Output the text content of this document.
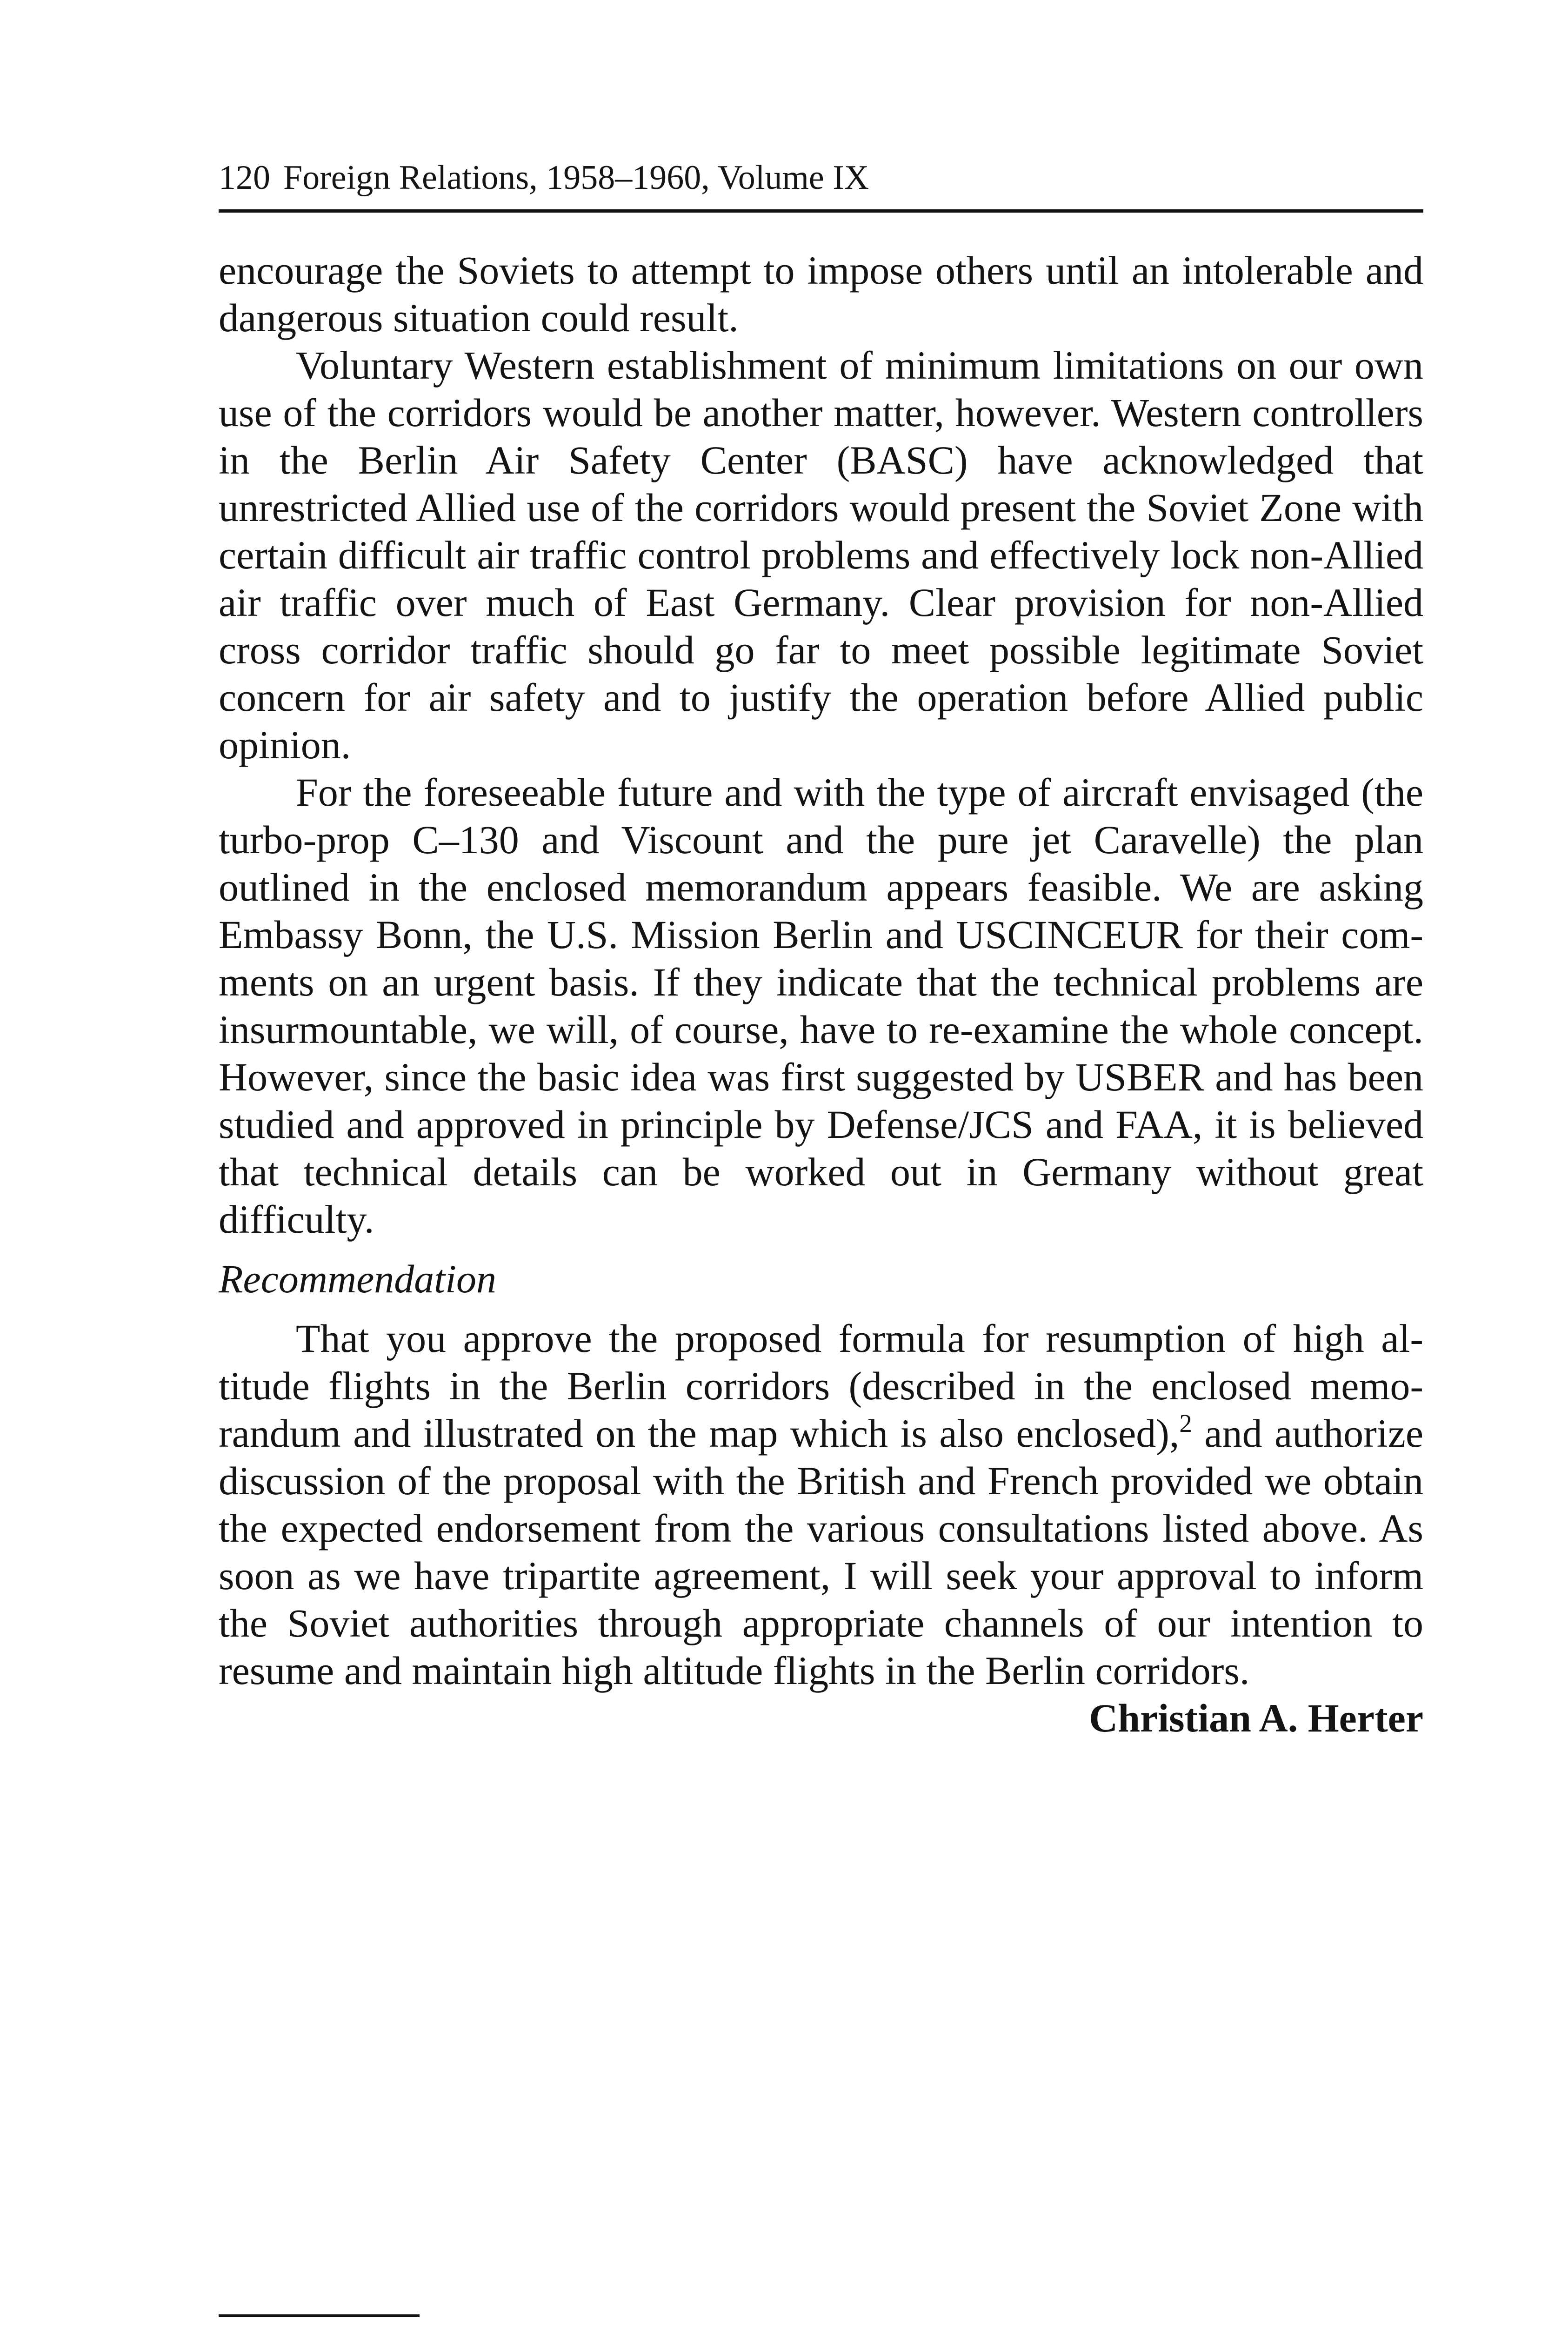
120 Foreign Relations, 1958–1960, Volume IX

encourage the Soviets to attempt to impose others until an intolerable and dangerous situation could result.

Voluntary Western establishment of minimum limitations on our own use of the corridors would be another matter, however. Western controllers in the Berlin Air Safety Center (BASC) have acknowledged that unrestricted Allied use of the corridors would present the Soviet Zone with certain difficult air traffic control problems and effectively lock non-Allied air traffic over much of East Germany. Clear provision for non-Allied cross corridor traffic should go far to meet possible legitimate Soviet concern for air safety and to justify the operation before Allied public opinion.

For the foreseeable future and with the type of aircraft envisaged (the turbo-prop C–130 and Viscount and the pure jet Caravelle) the plan outlined in the enclosed memorandum appears feasible. We are asking Embassy Bonn, the U.S. Mission Berlin and USCINCEUR for their comments on an urgent basis. If they indicate that the technical problems are insurmountable, we will, of course, have to re-examine the whole concept. However, since the basic idea was first suggested by USBER and has been studied and approved in principle by Defense/JCS and FAA, it is believed that technical details can be worked out in Germany without great difficulty.

Recommendation

That you approve the proposed formula for resumption of high altitude flights in the Berlin corridors (described in the enclosed memorandum and illustrated on the map which is also enclosed),$^2$ and authorize discussion of the proposal with the British and French provided we obtain the expected endorsement from the various consultations listed above. As soon as we have tripartite agreement, I will seek your approval to inform the Soviet authorities through appropriate channels of our intention to resume and maintain high altitude flights in the Berlin corridors.

Christian A. Herter
